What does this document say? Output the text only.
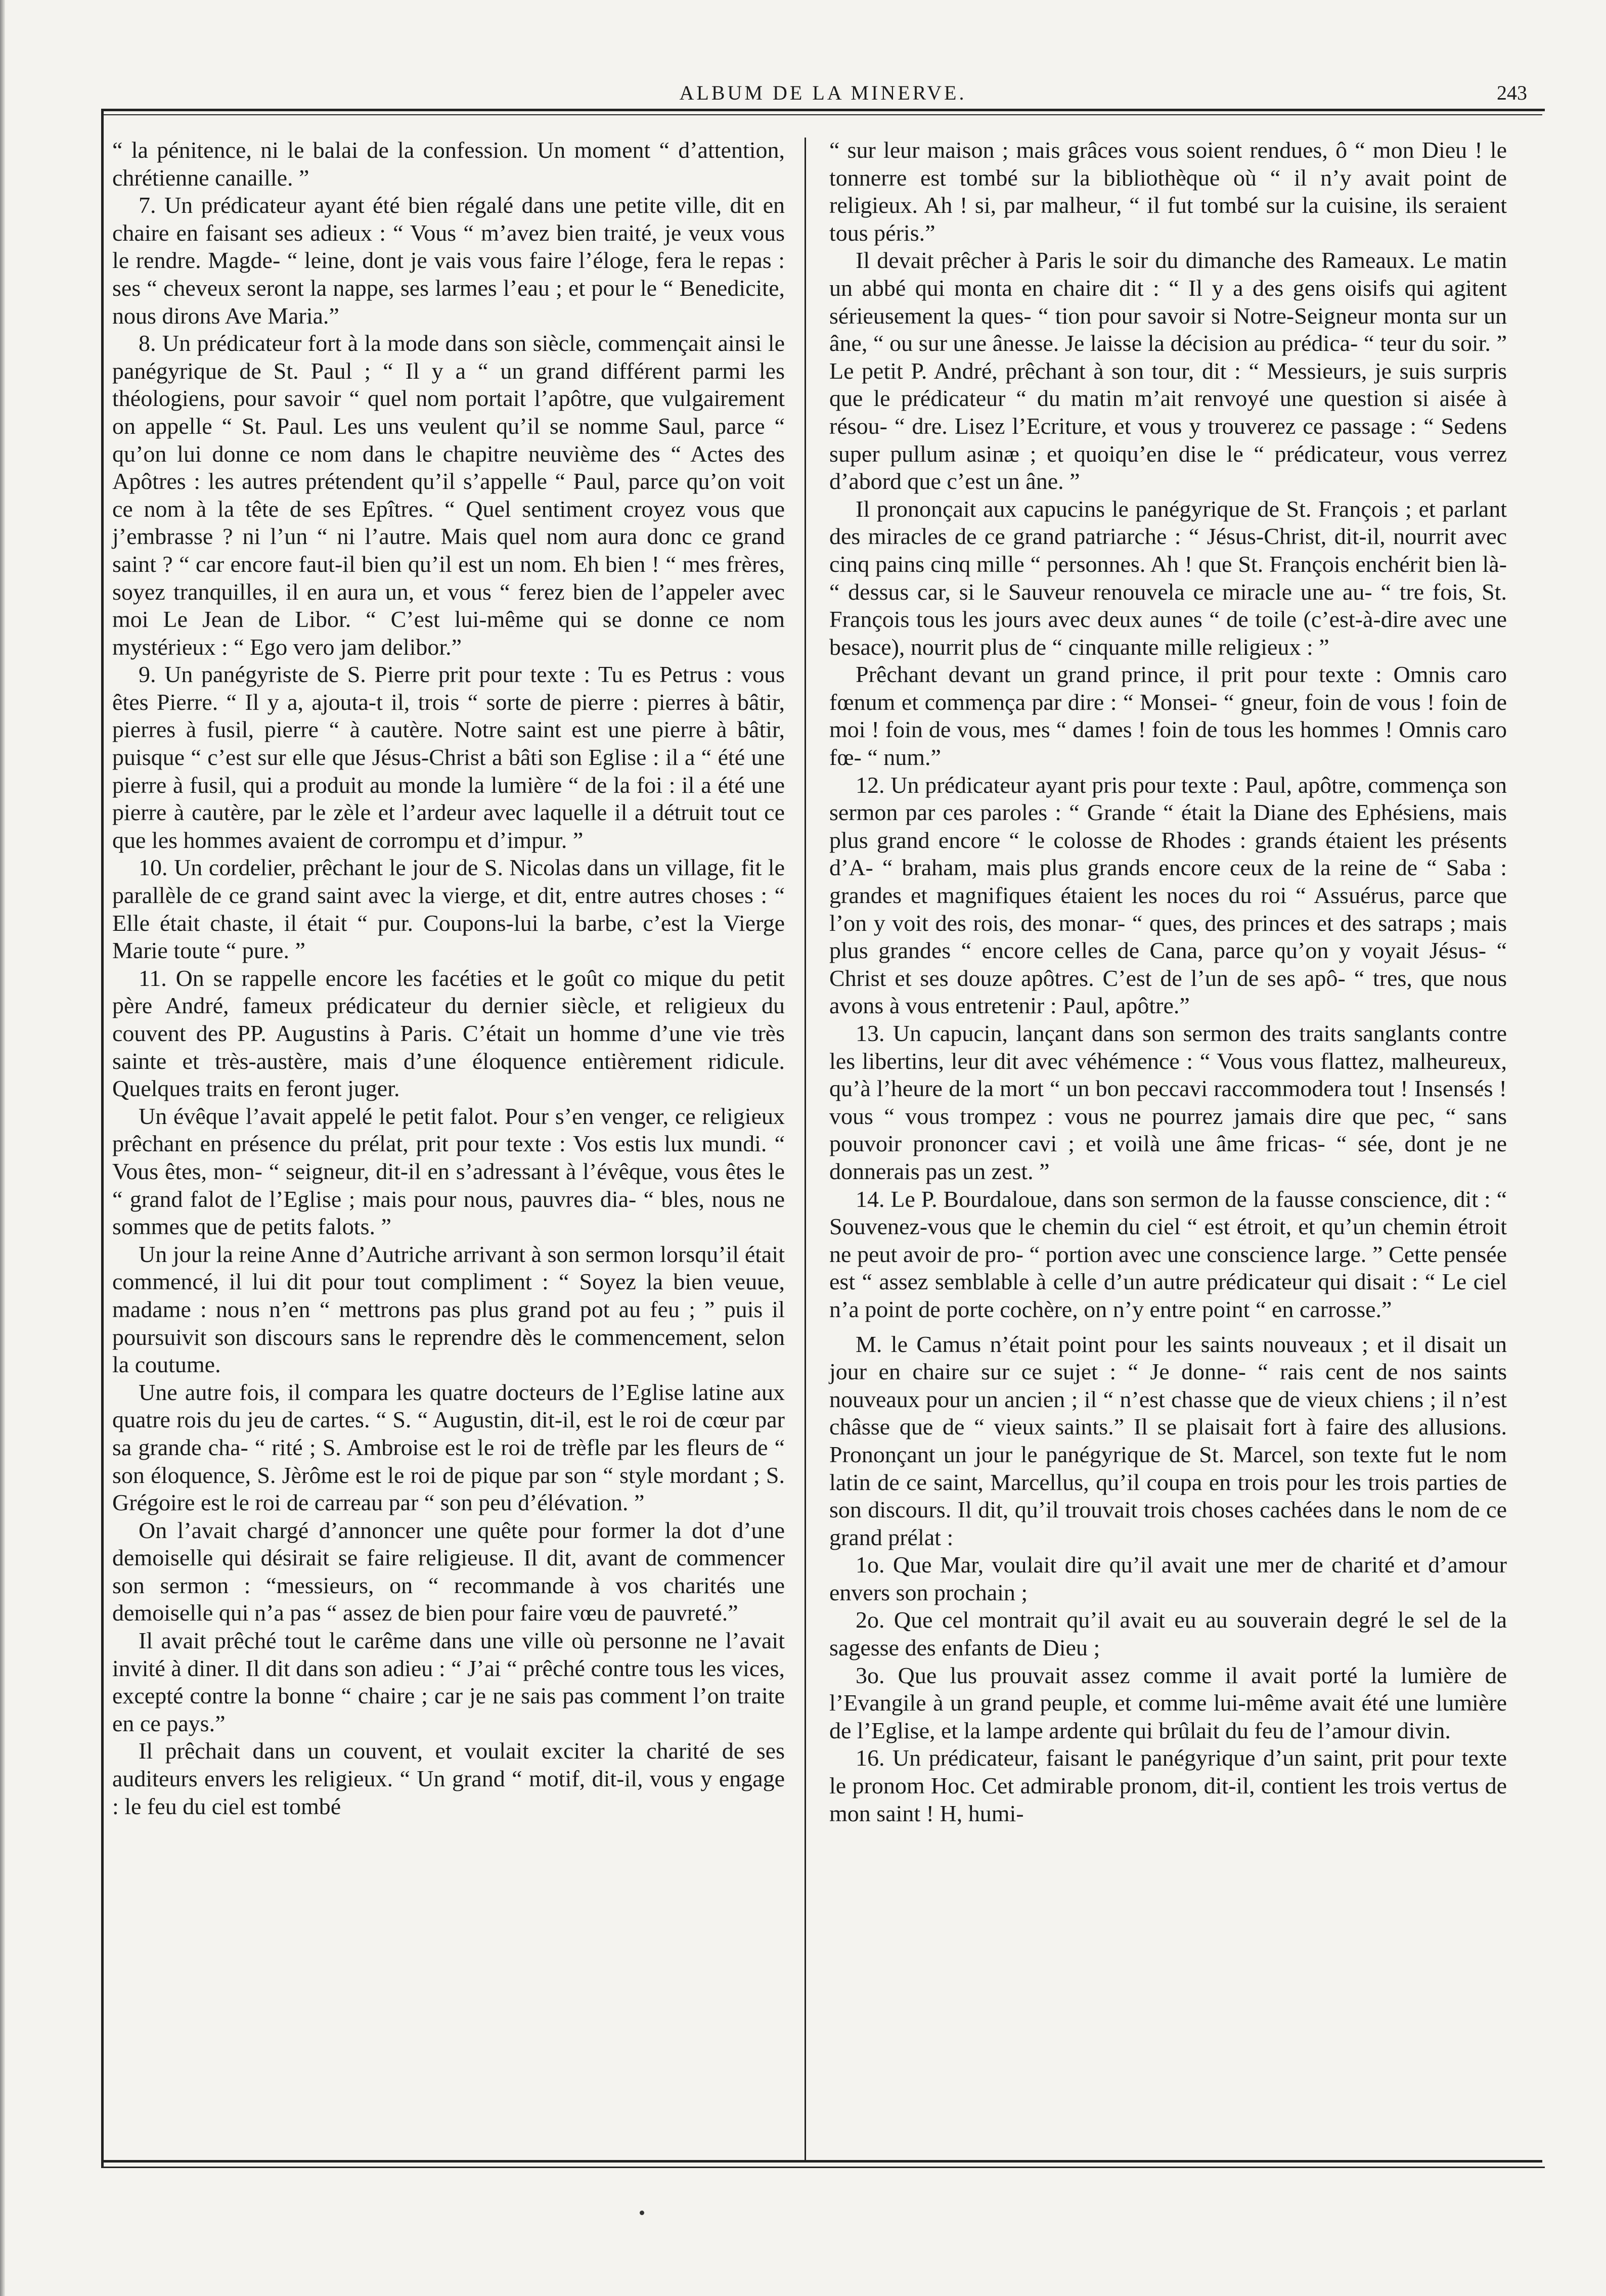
ALBUM DE LA MINERVE.	243

“ la pénitence, ni le balai de la confession. Un moment “ d’attention, chrétienne canaille. ”

7. Un prédicateur ayant été bien régalé dans une petite ville, dit en chaire en faisant ses adieux : “ Vous “ m’avez bien traité, je veux vous le rendre. Magde- “ leine, dont je vais vous faire l’éloge, fera le repas : ses “ cheveux seront la nappe, ses larmes l’eau ; et pour le “ Benedicite, nous dirons Ave Maria.”

8. Un prédicateur fort à la mode dans son siècle, commençait ainsi le panégyrique de St. Paul ; “ Il y a “ un grand différent parmi les théologiens, pour savoir “ quel nom portait l’apôtre, que vulgairement on appelle “ St. Paul. Les uns veulent qu’il se nomme Saul, parce “ qu’on lui donne ce nom dans le chapitre neuvième des “ Actes des Apôtres : les autres prétendent qu’il s’appelle “ Paul, parce qu’on voit ce nom à la tête de ses Epîtres. “ Quel sentiment croyez vous que j’embrasse ? ni l’un “ ni l’autre. Mais quel nom aura donc ce grand saint ? “ car encore faut-il bien qu’il est un nom. Eh bien ! “ mes frères, soyez tranquilles, il en aura un, et vous “ ferez bien de l’appeler avec moi Le Jean de Libor. “ C’est lui-même qui se donne ce nom mystérieux : “ Ego vero jam delibor.”

9. Un panégyriste de S. Pierre prit pour texte : Tu es Petrus : vous êtes Pierre. “ Il y a, ajouta-t il, trois “ sorte de pierre : pierres à bâtir, pierres à fusil, pierre “ à cautère. Notre saint est une pierre à bâtir, puisque “ c’est sur elle que Jésus-Christ a bâti son Eglise : il a “ été une pierre à fusil, qui a produit au monde la lumière “ de la foi : il a été une pierre à cautère, par le zèle et l’ardeur avec laquelle il a détruit tout ce que les hommes avaient de corrompu et d’impur. ”

10. Un cordelier, prêchant le jour de S. Nicolas dans un village, fit le parallèle de ce grand saint avec la vierge, et dit, entre autres choses : “ Elle était chaste, il était “ pur. Coupons-lui la barbe, c’est la Vierge Marie toute “ pure. ”

11. On se rappelle encore les facéties et le goût co mique du petit père André, fameux prédicateur du dernier siècle, et religieux du couvent des PP. Augustins à Paris. C’était un homme d’une vie très sainte et très-austère, mais d’une éloquence entièrement ridicule. Quelques traits en feront juger.

Un évêque l’avait appelé le petit falot. Pour s’en venger, ce religieux prêchant en présence du prélat, prit pour texte : Vos estis lux mundi. “ Vous êtes, mon- “ seigneur, dit-il en s’adressant à l’évêque, vous êtes le “ grand falot de l’Eglise ; mais pour nous, pauvres dia- “ bles, nous ne sommes que de petits falots. ”

Un jour la reine Anne d’Autriche arrivant à son sermon lorsqu’il était commencé, il lui dit pour tout compliment : “ Soyez la bien veuue, madame : nous n’en “ mettrons pas plus grand pot au feu ; ” puis il poursuivit son discours sans le reprendre dès le commencement, selon la coutume.

Une autre fois, il compara les quatre docteurs de l’Eglise latine aux quatre rois du jeu de cartes. “ S. “ Augustin, dit-il, est le roi de cœur par sa grande cha- “ rité ; S. Ambroise est le roi de trèfle par les fleurs de “ son éloquence, S. Jèrôme est le roi de pique par son “ style mordant ; S. Grégoire est le roi de carreau par “ son peu d’élévation. ”

On l’avait chargé d’annoncer une quête pour former la dot d’une demoiselle qui désirait se faire religieuse. Il dit, avant de commencer son sermon : “messieurs, on “ recommande à vos charités une demoiselle qui n’a pas “ assez de bien pour faire vœu de pauvreté.”

Il avait prêché tout le carême dans une ville où personne ne l’avait invité à diner. Il dit dans son adieu : “ J’ai “ prêché contre tous les vices, excepté contre la bonne “ chaire ; car je ne sais pas comment l’on traite en ce pays.”

Il prêchait dans un couvent, et voulait exciter la charité de ses auditeurs envers les religieux. “ Un grand “ motif, dit-il, vous y engage : le feu du ciel est tombé

“ sur leur maison ; mais grâces vous soient rendues, ô “ mon Dieu ! le tonnerre est tombé sur la bibliothèque où “ il n’y avait point de religieux. Ah ! si, par malheur, “ il fut tombé sur la cuisine, ils seraient tous péris.”

Il devait prêcher à Paris le soir du dimanche des Rameaux. Le matin un abbé qui monta en chaire dit : “ Il y a des gens oisifs qui agitent sérieusement la ques- “ tion pour savoir si Notre-Seigneur monta sur un âne, “ ou sur une ânesse. Je laisse la décision au prédica- “ teur du soir. ” Le petit P. André, prêchant à son tour, dit : “ Messieurs, je suis surpris que le prédicateur “ du matin m’ait renvoyé une question si aisée à résou- “ dre. Lisez l’Ecriture, et vous y trouverez ce passage : “ Sedens super pullum asinæ ; et quoiqu’en dise le “ prédicateur, vous verrez d’abord que c’est un âne. ”

Il prononçait aux capucins le panégyrique de St. François ; et parlant des miracles de ce grand patriarche : “ Jésus-Christ, dit-il, nourrit avec cinq pains cinq mille “ personnes. Ah ! que St. François enchérit bien là- “ dessus car, si le Sauveur renouvela ce miracle une au- “ tre fois, St. François tous les jours avec deux aunes “ de toile (c’est-à-dire avec une besace), nourrit plus de “ cinquante mille religieux : ”

Prêchant devant un grand prince, il prit pour texte : Omnis caro fœnum et commença par dire : “ Monsei- “ gneur, foin de vous ! foin de moi ! foin de vous, mes “ dames ! foin de tous les hommes ! Omnis caro fœ- “ num.”

12. Un prédicateur ayant pris pour texte : Paul, apôtre, commença son sermon par ces paroles : “ Grande “ était la Diane des Ephésiens, mais plus grand encore “ le colosse de Rhodes : grands étaient les présents d’A- “ braham, mais plus grands encore ceux de la reine de “ Saba : grandes et magnifiques étaient les noces du roi “ Assuérus, parce que l’on y voit des rois, des monar- “ ques, des princes et des satraps ; mais plus grandes “ encore celles de Cana, parce qu’on y voyait Jésus- “ Christ et ses douze apôtres. C’est de l’un de ses apô- “ tres, que nous avons à vous entretenir : Paul, apôtre.”

13. Un capucin, lançant dans son sermon des traits sanglants contre les libertins, leur dit avec véhémence : “ Vous vous flattez, malheureux, qu’à l’heure de la mort “ un bon peccavi raccommodera tout ! Insensés ! vous “ vous trompez : vous ne pourrez jamais dire que pec, “ sans pouvoir prononcer cavi ; et voilà une âme fricas- “ sée, dont je ne donnerais pas un zest. ”

14. Le P. Bourdaloue, dans son sermon de la fausse conscience, dit : “ Souvenez-vous que le chemin du ciel “ est étroit, et qu’un chemin étroit ne peut avoir de pro- “ portion avec une conscience large. ” Cette pensée est “ assez semblable à celle d’un autre prédicateur qui disait : “ Le ciel n’a point de porte cochère, on n’y entre point “ en carrosse.”

M. le Camus n’était point pour les saints nouveaux ; et il disait un jour en chaire sur ce sujet : “ Je donne- “ rais cent de nos saints nouveaux pour un ancien ; il “ n’est chasse que de vieux chiens ; il n’est châsse que de “ vieux saints.” Il se plaisait fort à faire des allusions. Prononçant un jour le panégyrique de St. Marcel, son texte fut le nom latin de ce saint, Marcellus, qu’il coupa en trois pour les trois parties de son discours. Il dit, qu’il trouvait trois choses cachées dans le nom de ce grand prélat :

1o. Que Mar, voulait dire qu’il avait une mer de charité et d’amour envers son prochain ;

2o. Que cel montrait qu’il avait eu au souverain degré le sel de la sagesse des enfants de Dieu ;

3o. Que lus prouvait assez comme il avait porté la lumière de l’Evangile à un grand peuple, et comme lui-même avait été une lumière de l’Eglise, et la lampe ardente qui brûlait du feu de l’amour divin.

16. Un prédicateur, faisant le panégyrique d’un saint, prit pour texte le pronom Hoc. Cet admirable pronom, dit-il, contient les trois vertus de mon saint ! H, humi-
